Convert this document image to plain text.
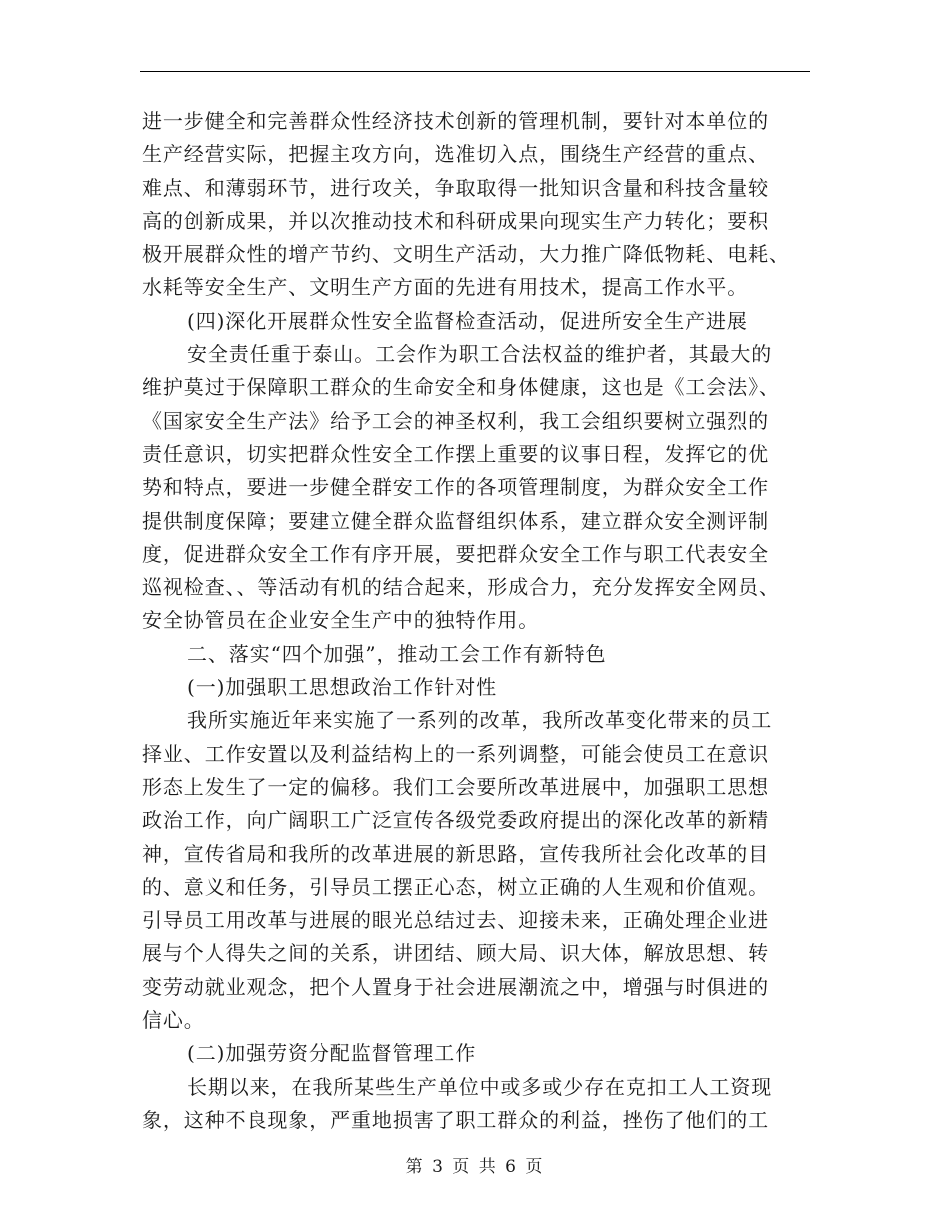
进一步健全和完善群众性经济技术创新的管理机制，要针对本单位的
生产经营实际，把握主攻方向，选准切入点，围绕生产经营的重点、
难点、和薄弱环节，进行攻关，争取取得一批知识含量和科技含量较
高的创新成果，并以次推动技术和科研成果向现实生产力转化；要积
极开展群众性的增产节约、文明生产活动，大力推广降低物耗、电耗、
水耗等安全生产、文明生产方面的先进有用技术，提高工作水平。
(四)深化开展群众性安全监督检查活动，促进所安全生产进展
安全责任重于泰山。工会作为职工合法权益的维护者，其最大的
维护莫过于保障职工群众的生命安全和身体健康，这也是《工会法》、
《国家安全生产法》给予工会的神圣权利，我工会组织要树立强烈的
责任意识，切实把群众性安全工作摆上重要的议事日程，发挥它的优
势和特点，要进一步健全群安工作的各项管理制度，为群众安全工作
提供制度保障；要建立健全群众监督组织体系，建立群众安全测评制
度，促进群众安全工作有序开展，要把群众安全工作与职工代表安全
巡视检查、、等活动有机的结合起来，形成合力，充分发挥安全网员、
安全协管员在企业安全生产中的独特作用。
二、落实“四个加强”，推动工会工作有新特色
(一)加强职工思想政治工作针对性
我所实施近年来实施了一系列的改革，我所改革变化带来的员工
择业、工作安置以及利益结构上的一系列调整，可能会使员工在意识
形态上发生了一定的偏移。我们工会要所改革进展中，加强职工思想
政治工作，向广阔职工广泛宣传各级党委政府提出的深化改革的新精
神，宣传省局和我所的改革进展的新思路，宣传我所社会化改革的目
的、意义和任务，引导员工摆正心态，树立正确的人生观和价值观。
引导员工用改革与进展的眼光总结过去、迎接未来，正确处理企业进
展与个人得失之间的关系，讲团结、顾大局、识大体，解放思想、转
变劳动就业观念，把个人置身于社会进展潮流之中，增强与时俱进的
信心。
(二)加强劳资分配监督管理工作
长期以来，在我所某些生产单位中或多或少存在克扣工人工资现
象，这种不良现象，严重地损害了职工群众的利益，挫伤了他们的工
第 3 页 共 6 页
